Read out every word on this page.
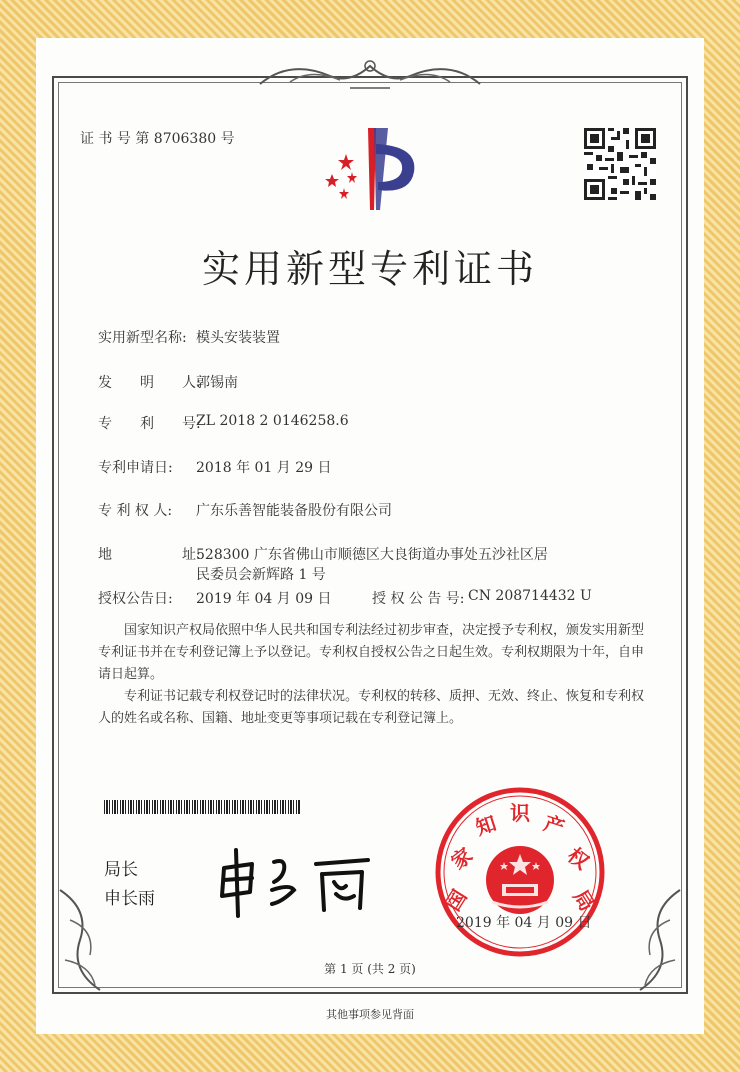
证 书 号 第 8706380 号
实用新型专利证书
实用新型名称: 模头安装装置
发　　明　　人:
郭锡南
专　　利　　号:
ZL 2018 2 0146258.6
专利申请日: 2018 年 01 月 29 日
专 利 权 人: 广东乐善智能装备股份有限公司
地　　　　　址:
528300 广东省佛山市顺德区大良街道办事处五沙社区居
民委员会新辉路 1 号
授权公告日: 2019 年 04 月 09 日	授 权 公 告 号: CN 208714432 U
国家知识产权局依照中华人民共和国专利法经过初步审查，决定授予专利权，颁发实用新型专利证书并在专利登记簿上予以登记。专利权自授权公告之日起生效。专利权期限为十年，自申请日起算。
专利证书记载专利权登记时的法律状况。专利权的转移、质押、无效、终止、恢复和专利权人的姓名或名称、国籍、地址变更等事项记载在专利登记簿上。
局长
申长雨	国
家
知 识 产
权
局
2019 年 04 月 09 日
第 1 页 (共 2 页)
其他事项参见背面
